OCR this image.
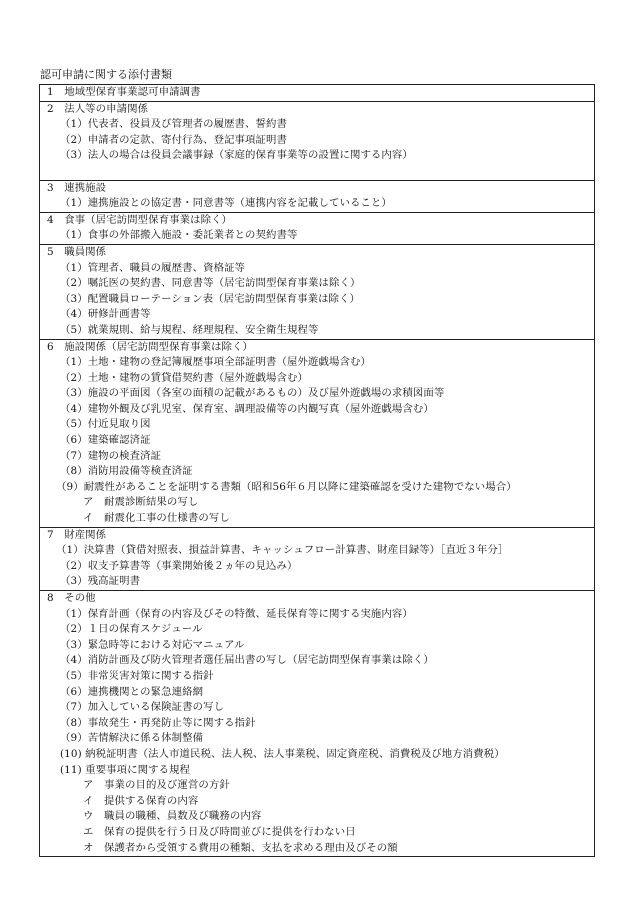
認可申請に関する添付書類
1　地域型保育事業認可申請調書
2　法人等の申請関係
（1）代表者、役員及び管理者の履歴書、誓約書
（2）申請者の定款、寄付行為、登記事項証明書
（3）法人の場合は役員会議事録（家庭的保育事業等の設置に関する内容）
3　連携施設
（1）連携施設との協定書・同意書等（連携内容を記載していること）
4　食事（居宅訪問型保育事業は除く）
（1）食事の外部搬入施設・委託業者との契約書等
5　職員関係
（1）管理者、職員の履歴書、資格証等
（2）嘱託医の契約書、同意書等（居宅訪問型保育事業は除く）
（3）配置職員ローテーション表（居宅訪問型保育事業は除く）
（4）研修計画書等
（5）就業規則、給与規程、経理規程、安全衛生規程等
6　施設関係（居宅訪問型保育事業は除く）
（1）土地・建物の登記簿履歴事項全部証明書（屋外遊戯場含む）
（2）土地・建物の賃貸借契約書（屋外遊戯場含む）
（3）施設の平面図（各室の面積の記載があるもの）及び屋外遊戯場の求積図面等
（4）建物外観及び乳児室、保育室、調理設備等の内観写真（屋外遊戯場含む）
（5）付近見取り図
（6）建築確認済証
（7）建物の検査済証
（8）消防用設備等検査済証
（9）耐震性があることを証明する書類（昭和56年６月以降に建築確認を受けた建物でない場合）
ア　耐震診断結果の写し
イ　耐震化工事の仕様書の写し
7　財産関係
（1）決算書（貸借対照表、損益計算書、キャッシュフロー計算書、財産目録等）［直近３年分］
（2）収支予算書等（事業開始後２ヵ年の見込み）
（3）残高証明書
8　その他
（1）保育計画（保育の内容及びその特徴、延長保育等に関する実施内容）
（2）１日の保育スケジュール
（3）緊急時等における対応マニュアル
（4）消防計画及び防火管理者選任届出書の写し（居宅訪問型保育事業は除く）
（5）非常災害対策に関する指針
（6）連携機関との緊急連絡網
（7）加入している保険証書の写し
（8）事故発生・再発防止等に関する指針
（9）苦情解決に係る体制整備
(10) 納税証明書（法人市道民税、法人税、法人事業税、固定資産税、消費税及び地方消費税）
(11) 重要事項に関する規程
ア　事業の目的及び運営の方針
イ　提供する保育の内容
ウ　職員の職種、員数及び職務の内容
エ　保育の提供を行う日及び時間並びに提供を行わない日
オ　保護者から受領する費用の種類、支払を求める理由及びその額
